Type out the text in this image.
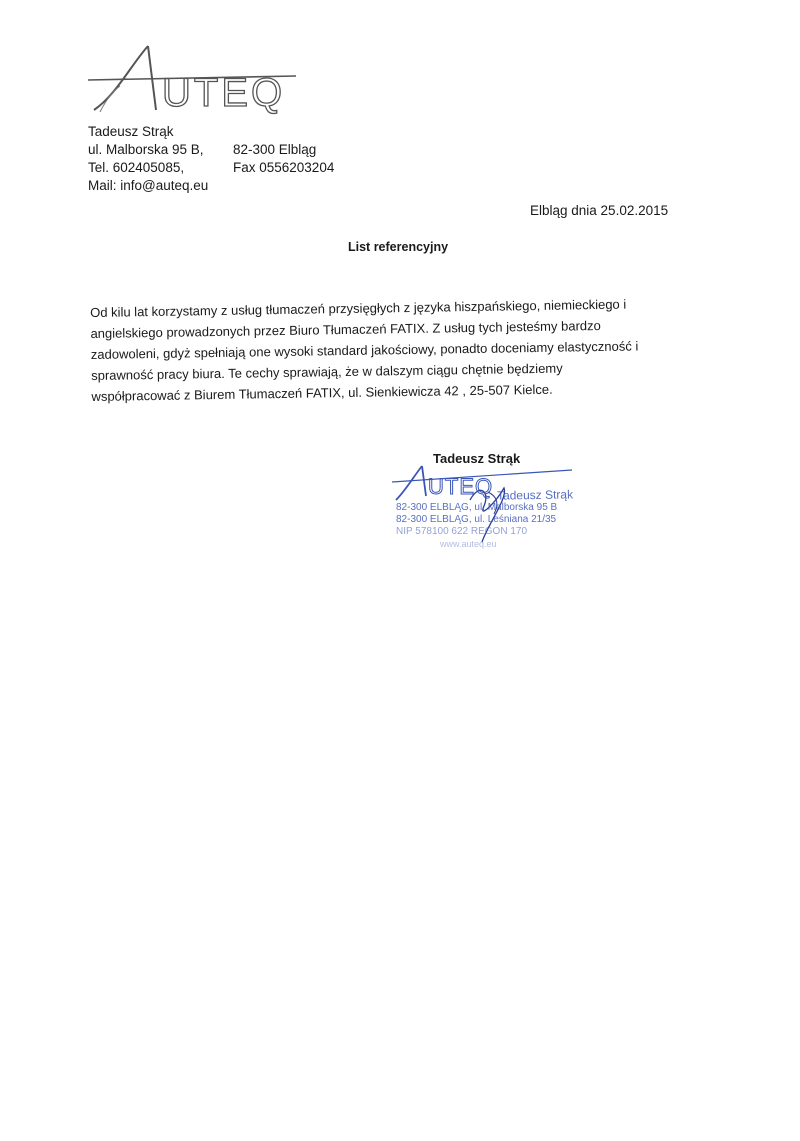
UTEQ
Tadeusz Strąk
ul. Malborska 95 B,	82-300 Elbląg
Tel. 602405085,	Fax 0556203204
Mail: info@auteq.eu
Elbląg dnia 25.02.2015
List referencyjny
Od kilu lat korzystamy z usług tłumaczeń przysięgłych z języka hiszpańskiego, niemieckiego i
angielskiego prowadzonych przez Biuro Tłumaczeń FATIX. Z usług tych jesteśmy bardzo
zadowoleni, gdyż spełniają one wysoki standard jakościowy, ponadto doceniamy elastyczność i
sprawność pracy biura. Te cechy sprawiają, że w dalszym ciągu chętnie będziemy
współpracować z Biurem Tłumaczeń FATIX, ul. Sienkiewicza 42 , 25-507 Kielce.
Tadeusz Strąk
UTEQ Tadeusz Strąk
82-300 ELBLĄG, ul. Malborska 95 B
82-300 ELBLĄG, ul. Leśniana 21/35
NIP 578100 622 REGON 170
www.auteq.eu
